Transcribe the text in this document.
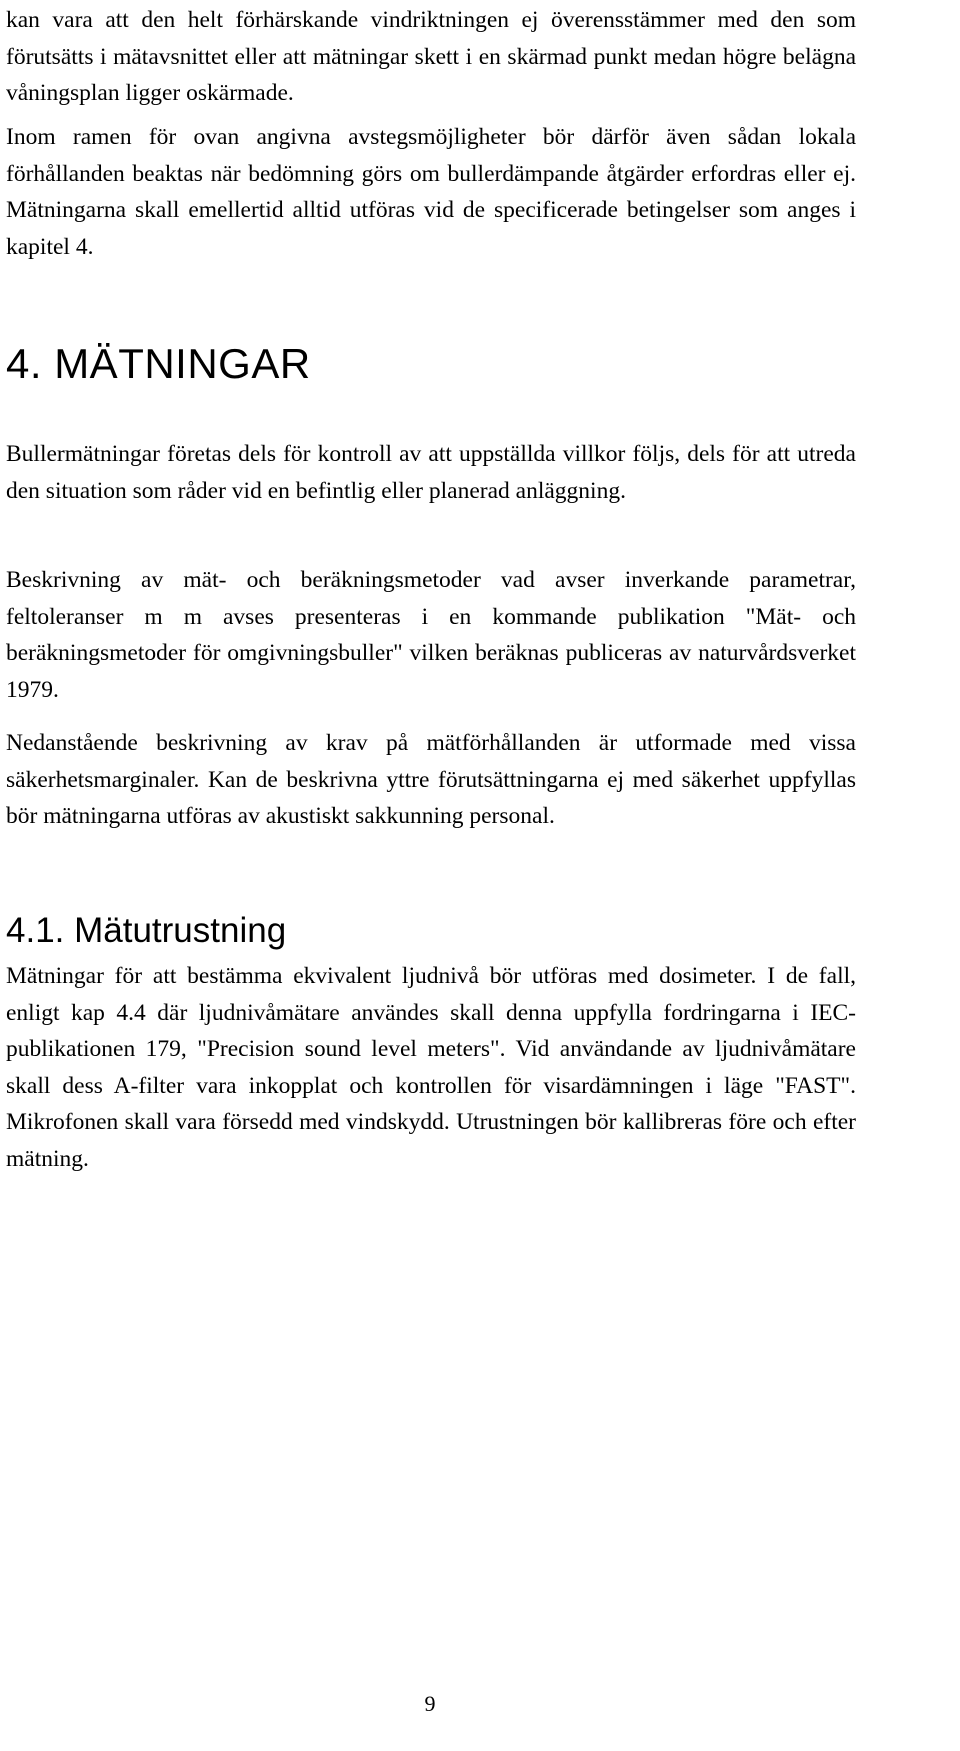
kan vara att den helt förhärskande vindriktningen ej överensstämmer med den som förutsätts i mätavsnittet eller att mätningar skett i en skärmad punkt medan högre belägna våningsplan ligger oskärmade.

Inom ramen för ovan angivna avstegsmöjligheter bör därför även sådan lokala förhållanden beaktas när bedömning görs om bullerdämpande åtgärder erfordras eller ej. Mätningarna skall emellertid alltid utföras vid de specificerade betingelser som anges i kapitel 4.

4. MÄTNINGAR

Bullermätningar företas dels för kontroll av att uppställda villkor följs, dels för att utreda den situation som råder vid en befintlig eller planerad anläggning.

Beskrivning av mät- och beräkningsmetoder vad avser inverkande parametrar, feltoleranser m m avses presenteras i en kommande publikation "Mät- och beräkningsmetoder för omgivningsbuller" vilken beräknas publiceras av naturvårdsverket 1979.

Nedanstående beskrivning av krav på mätförhållanden är utformade med vissa säkerhetsmarginaler. Kan de beskrivna yttre förutsättningarna ej med säkerhet uppfyllas bör mätningarna utföras av akustiskt sakkunning personal.

4.1. Mätutrustning

Mätningar för att bestämma ekvivalent ljudnivå bör utföras med dosimeter. I de fall, enligt kap 4.4 där ljudnivåmätare användes skall denna uppfylla fordringarna i IEC-publikationen 179, "Precision sound level meters". Vid användande av ljudnivåmätare skall dess A-filter vara inkopplat och kontrollen för visardämningen i läge "FAST". Mikrofonen skall vara försedd med vindskydd. Utrustningen bör kallibreras före och efter mätning.

9
